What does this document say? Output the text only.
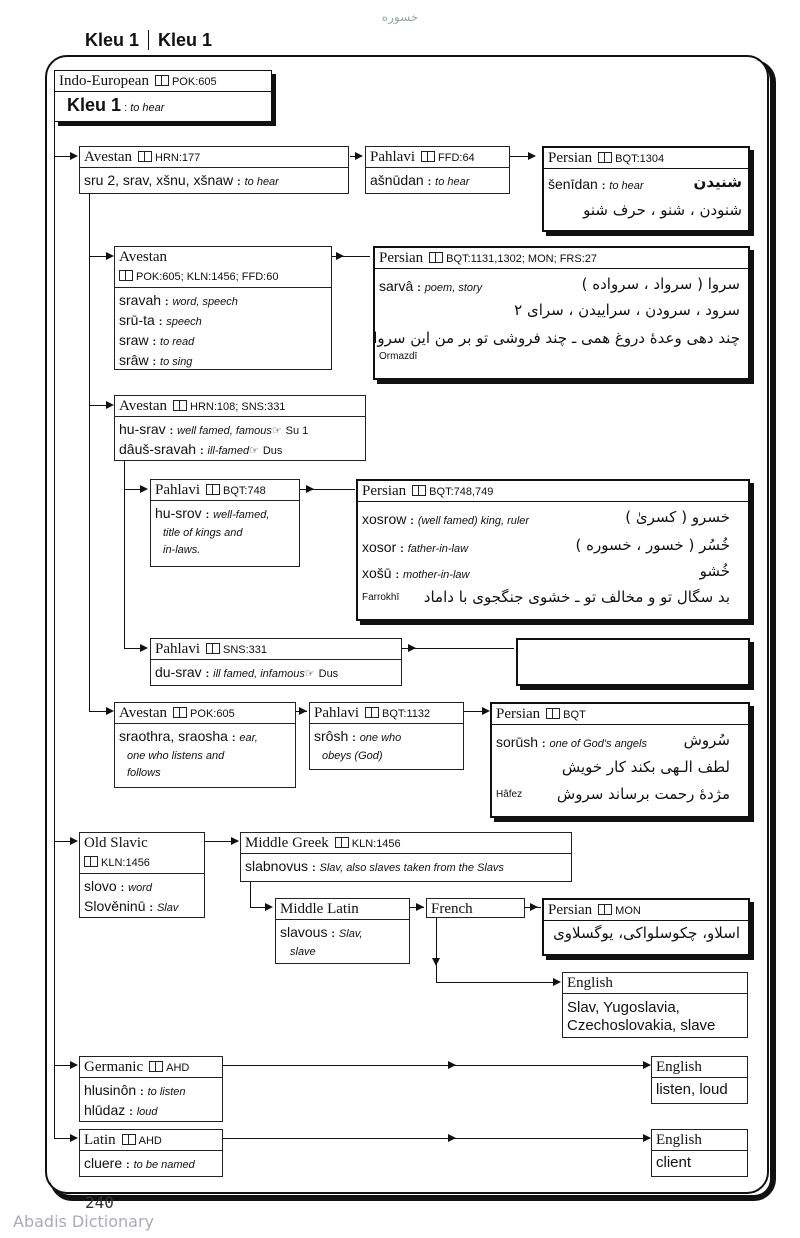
خسوره
Kleu 1 Kleu 1
Indo-European POK:605
Kleu 1 : to hear
Avestan HRN:177
sru 2, srav, xšnu, xšnaw : to hear
Pahlavi FFD:64
ašnūdan : to hear
Persian BQT:1304
šenīdan : to hear	شنیدن
شنودن ، شنو ، حرف شنو
Avestan
POK:605; KLN:1456; FFD:60
sravah : word, speech
srū-ta : speech
sraw : to read
srâw : to sing
Persian BQT:1131,1302; MON; FRS:27
sarvâ : poem, story	سروا ( سرواد ، سرواده )
سرود ، سرودن ، سراییدن ، سرای ۲
چند دهی وعدۀ دروغ همی ـ چند فروشی تو بر من این سروا
Ormazdī
Avestan HRN:108; SNS:331
hu-srav : well famed, famous☞ Su 1
dâuš-sravah : ill-famed☞ Dus
Pahlavi BQT:748
hu-srov : well-famed,
title of kings and
in-laws.
Persian BQT:748,749
xosrow : (well famed) king, ruler	خسرو ( کسریٰ )
xosor : father-in-law	خُسُر ( خسور ، خسوره )
xošū : mother-in-law	خُشو
Farrokhī بد سگال تو و مخالف تو ـ خشوی جنگجوی با داماد
Pahlavi SNS:331
du-srav : ill famed, infamous☞ Dus
Avestan POK:605
sraothra, sraosha : ear,
one who listens and
follows
Pahlavi BQT:1132
srôsh : one who
obeys (God)
Persian BQT
sorūsh : one of God's angels سُروش
لطف الـهی بکند کار خویش
Hâfez مژدهٔ رحمت برساند سروش
Old Slavic
KLN:1456
slovo : word
Slověninū : Slav
Middle Greek KLN:1456
slabnovus : Slav, also slaves taken from the Slavs
Middle Latin
slavous : Slav,
slave
French	Persian MON
اسلاو، چکوسلواکی، یوگسلاوی
English
Slav, Yugoslavia,
Czechoslovakia, slave
Germanic AHD
hlusinôn : to listen
hlūdaz : loud
English
listen, loud
Latin AHD
cluere : to be named
English
client
240
Abadis Dictionary
